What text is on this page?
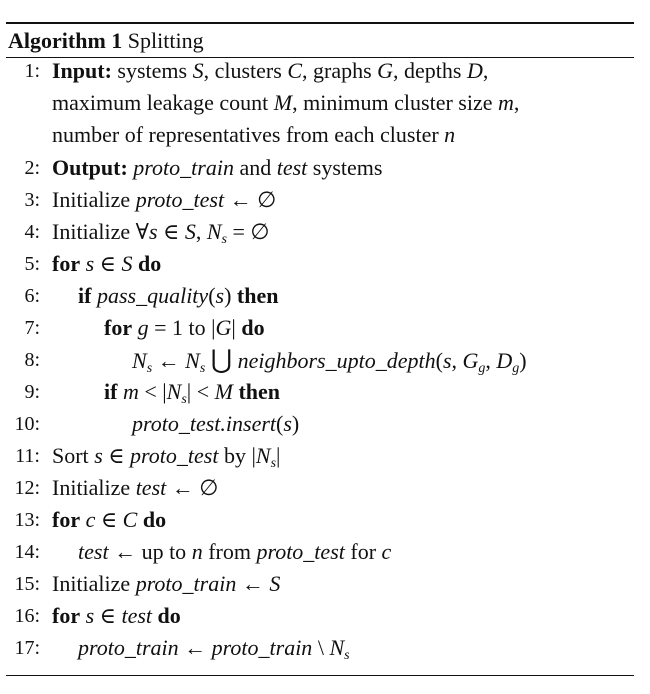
Algorithm 1 Splitting
1: Input: systems S, clusters C, graphs G, depths D,
maximum leakage count M, minimum cluster size m,
number of representatives from each cluster n
2: Output: proto_train and test systems
3: Initialize proto_test ← ∅
4: Initialize ∀s ∈ S, $N_s$ = ∅
5: for s ∈ S do
6: if pass_quality(s) then
7:	for g = 1 to |G| do
8:	$N_s$ ← $N_s$ ⋃ neighbors_upto_depth(s, $G_g$, $D_g$)
9:	if $m < |N_s| < M$ then
10:	proto_test.insert(s)
11: Sort s ∈ proto_test by $|N_s|$
12: Initialize test ← ∅
13: for c ∈ C do
14: test ← up to n from proto_test for c
15: Initialize proto_train ← S
16: for s ∈ test do
17: proto_train ← proto_train \ $N_s$
